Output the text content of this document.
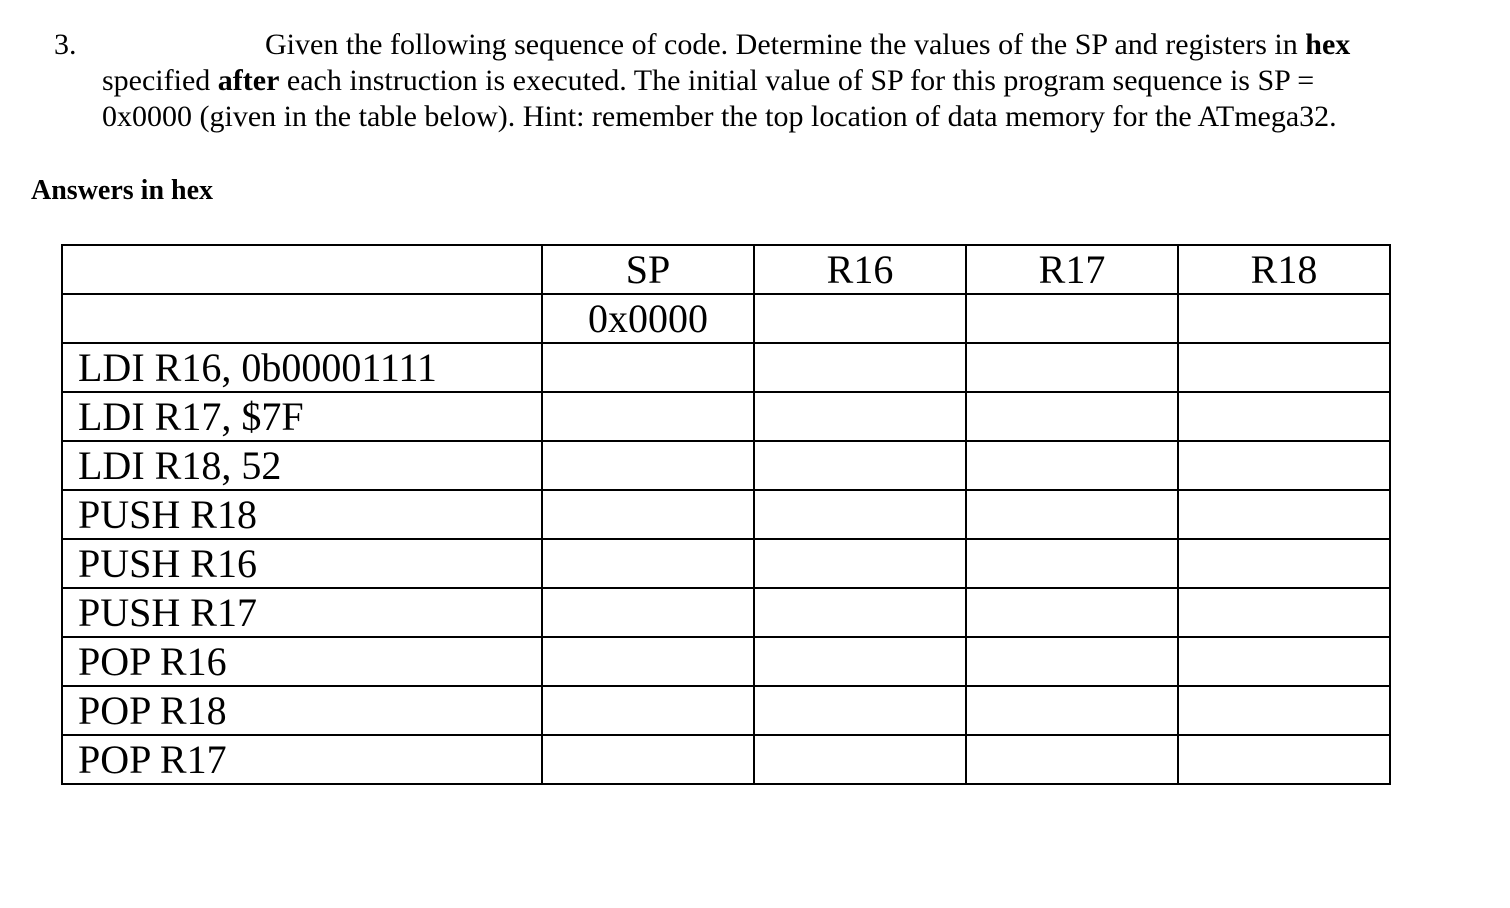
3.	Given the following sequence of code. Determine the values of the SP and registers in hex
specified after each instruction is executed. The initial value of SP for this program sequence is SP =
0x0000 (given in the table below). Hint: remember the top location of data memory for the ATmega32.
Answers in hex
	SP	R16	R17	R18
	0x0000			
LDI R16, 0b00001111				
LDI R17, $7F				
LDI R18, 52				
PUSH R18				
PUSH R16				
PUSH R17				
POP R16				
POP R18				
POP R17				
